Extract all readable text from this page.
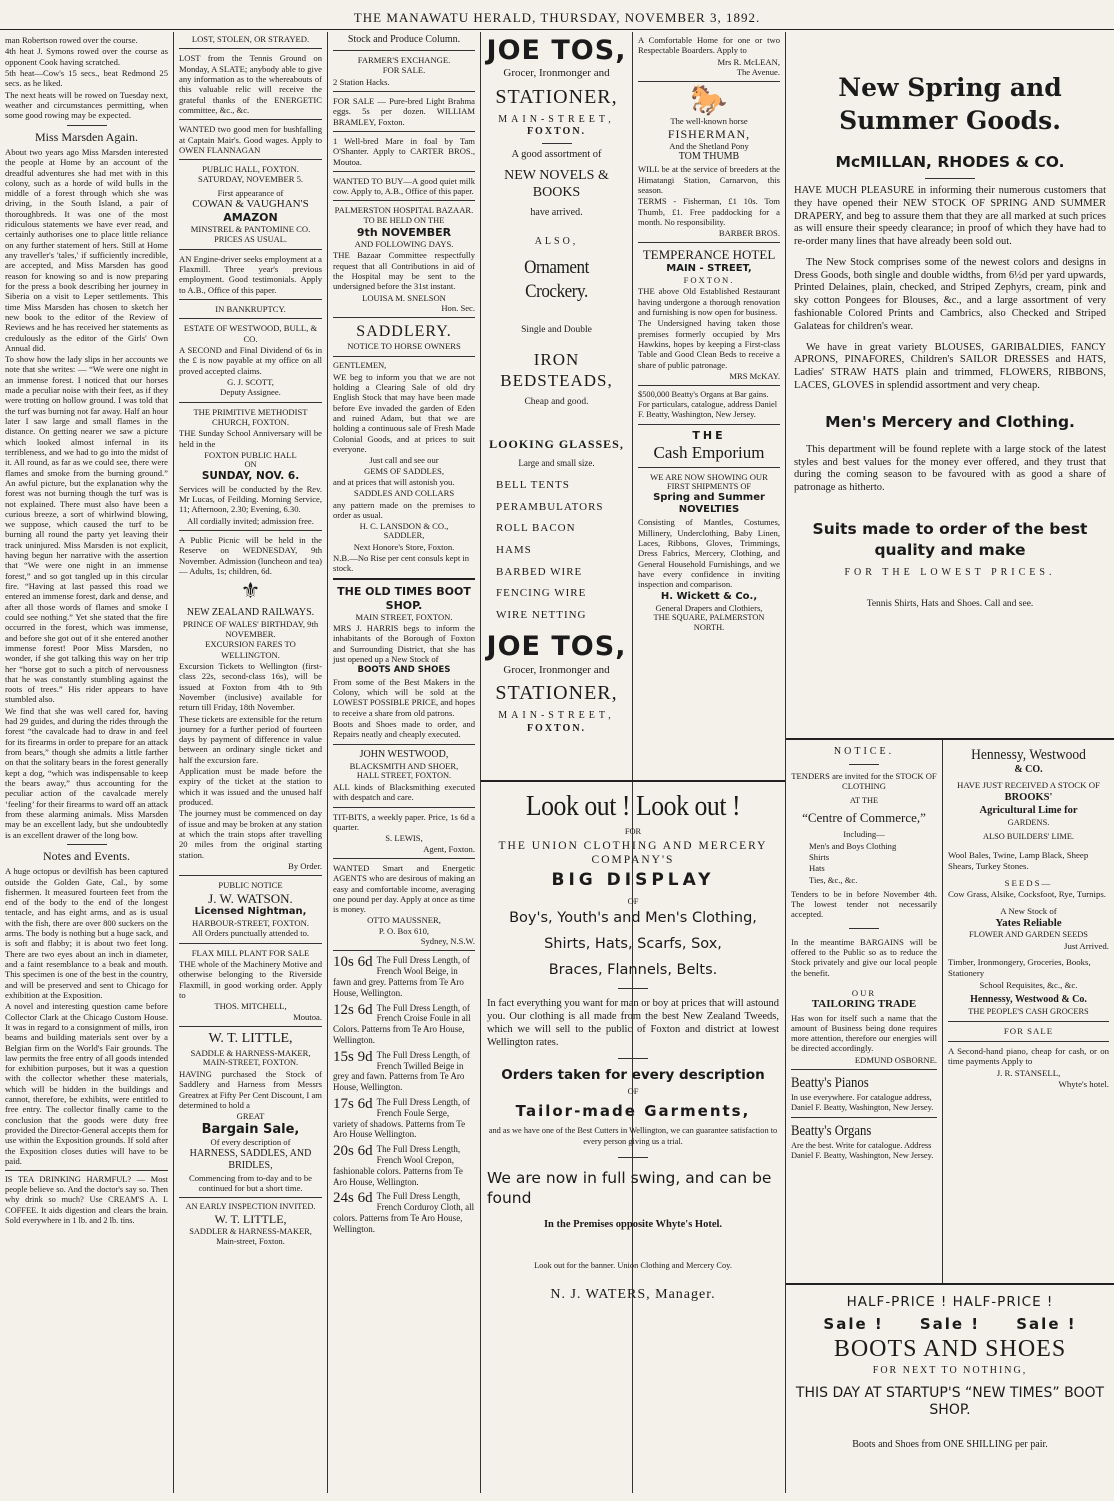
THE MANAWATU HERALD, THURSDAY, NOVEMBER 3, 1892.

man Robertson rowed over the course.

4th heat J. Symons rowed over the course as opponent Cook having scratched.

5th heat—Cow's 15 secs., beat Redmond 25 secs. as he liked.

The next heats will be rowed on Tuesday next, weather and circumstances permitting, when some good rowing may be expected.

Miss Marsden Again.

About two years ago Miss Marsden interested the people at Home by an account of the dreadful adventures she had met with in this colony, such as a horde of wild bulls in the middle of a forest through which she was driving, in the South Island, a pair of thoroughbreds. It was one of the most ridiculous statements we have ever read, and certainly authorises one to place little reliance on any further statement of hers. Still at Home any traveller's 'tales,' if sufficiently incredible, are accepted, and Miss Marsden has good reason for knowing so and is now preparing for the press a book describing her journey in Siberia on a visit to Leper settlements. This time Miss Marsden has chosen to sketch her new book to the editor of the Review of Reviews and he has received her statements as credulously as the editor of the Girls' Own Annual did.

To show how the lady slips in her accounts we note that she writes: — “We were one night in an immense forest. I noticed that our horses made a peculiar noise with their feet, as if they were trotting on hollow ground. I was told that the turf was burning not far away. Half an hour later I saw large and small flames in the distance. On getting nearer we saw a picture which looked almost infernal in its terribleness, and we had to go into the midst of it. All round, as far as we could see, there were flames and smoke from the burning ground.” An awful picture, but the explanation why the forest was not burning though the turf was is not explained. There must also have been a curious breeze, a sort of whirlwind blowing, we suppose, which caused the turf to be burning all round the party yet leaving their track uninjured. Miss Marsden is not explicit, having begun her narrative with the assertion that “We were one night in an immense forest,” and so got tangled up in this circular fire. “Having at last passed this road we entered an immense forest, dark and dense, and after all those words of flames and smoke I could see nothing.” Yet she stated that the fire occurred in the forest, which was immense, and before she got out of it she entered another immense forest! Poor Miss Marsden, no wonder, if she got talking this way on her trip her “horse got to such a pitch of nervousness that he was constantly stumbling against the roots of trees.” His rider appears to have stumbled also.

We find that she was well cared for, having had 29 guides, and during the rides through the forest “the cavalcade had to draw in and feel for its firearms in order to prepare for an attack from bears,” though she admits a little farther on that the solitary bears in the forest generally kept a dog, “which was indispensable to keep the bears away,” thus accounting for the peculiar action of the cavalcade merely ‘feeling’ for their firearms to ward off an attack from these alarming animals. Miss Marsden may be an excellent lady, but she undoubtedly is an excellent drawer of the long bow.

Notes and Events.

A huge octopus or devilfish has been captured outside the Golden Gate, Cal., by some fishermen. It measured fourteen feet from the end of the body to the end of the longest tentacle, and has eight arms, and as is usual with the fish, there are over 800 suckers on the arms. The body is nothing but a huge sack, and is soft and flabby; it is about two feet long. There are two eyes about an inch in diameter, and a faint resemblance to a beak and mouth. This specimen is one of the best in the country, and will be preserved and sent to Chicago for exhibition at the Exposition.

A novel and interesting question came before Collector Clark at the Chicago Custom House. It was in regard to a consignment of mills, iron beams and building materials sent over by a Belgian firm on the World's Fair grounds. The law permits the free entry of all goods intended for exhibition purposes, but it was a question with the collector whether these materials, which will be hidden in the buildings and cannot, therefore, be exhibits, were entitled to free entry. The collector finally came to the conclusion that the goods were duty free provided the Director-General accepts them for use within the Exposition grounds. If sold after the Exposition closes duties will have to be paid.

IS TEA DRINKING HARMFUL? — Most people believe so. And the doctor's say so. Then why drink so much? Use CREAM'S A. I. COFFEE. It aids digestion and clears the brain. Sold everywhere in 1 lb. and 2 lb. tins.

LOST, STOLEN, OR STRAYED.

LOST from the Tennis Ground on Monday, A SLATE; anybody able to give any information as to the whereabouts of this valuable relic will receive the grateful thanks of the ENERGETIC committee, &c., &c.

WANTED two good men for bushfalling at Captain Mair's. Good wages. Apply to OWEN FLANNAGAN

PUBLIC HALL, FOXTON.
SATURDAY, NOVEMBER 5.
First appearance of
COWAN & VAUGHAN'S
AMAZON
MINSTREL & PANTOMINE CO.
PRICES AS USUAL.

AN Engine-driver seeks employment at a Flaxmill. Three year's previous employment. Good testimonials. Apply to A.B., Office of this paper.

IN BANKRUPTCY.
ESTATE OF WESTWOOD, BULL, & CO.

A SECOND and Final Dividend of 6s in the £ is now payable at my office on all proved accepted claims.

G. J. SCOTT,
Deputy Assignee.
THE PRIMITIVE METHODIST CHURCH, FOXTON.

THE Sunday School Anniversary will be held in the

FOXTON PUBLIC HALL
ON
SUNDAY, NOV. 6.

Services will be conducted by the Rev. Mr Lucas, of Feilding. Morning Service, 11; Afternoon, 2.30; Evening, 6.30.

All cordially invited; admission free.

A Public Picnic will be held in the Reserve on WEDNESDAY, 9th November. Admission (luncheon and tea) — Adults, 1s; children, 6d.

⚜
NEW ZEALAND RAILWAYS.
PRINCE OF WALES' BIRTHDAY, 9th NOVEMBER.
EXCURSION FARES TO WELLINGTON.

Excursion Tickets to Wellington (first-class 22s, second-class 16s), will be issued at Foxton from 4th to 9th November (inclusive) available for return till Friday, 18th November.

These tickets are extensible for the return journey for a further period of fourteen days by payment of difference in value between an ordinary single ticket and half the excursion fare.

Application must be made before the expiry of the ticket at the station to which it was issued and the unused half produced.

The journey must be commenced on day of issue and may be broken at any station at which the train stops after travelling 20 miles from the original starting station.

By Order.
PUBLIC NOTICE
J. W. WATSON.
Licensed Nightman,
HARBOUR-STREET, FOXTON.
All Orders punctually attended to.
FLAX MILL PLANT FOR SALE

THE whole of the Machinery Motive and otherwise belonging to the Riverside Flaxmill, in good working order. Apply to

THOS. MITCHELL,
Moutoa.
W. T. LITTLE,
SADDLE & HARNESS-MAKER,
MAIN-STREET, FOXTON.

HAVING purchased the Stock of Saddlery and Harness from Messrs Greatrex at Fifty Per Cent Discount, I am determined to hold a

GREAT
Bargain Sale,
Of every description of
HARNESS, SADDLES, AND BRIDLES,

Commencing from to-day and to be continued for but a short time.

AN EARLY INSPECTION INVITED.
W. T. LITTLE,
SADDLER & HARNESS-MAKER,
Main-street, Foxton.
Stock and Produce Column.
FARMER'S EXCHANGE.
FOR SALE.

2 Station Hacks.

FOR SALE — Pure-bred Light Brahma eggs. 5s per dozen. WILLIAM BRAMLEY, Foxton.

1 Well-bred Mare in foal by Tam O'Shanter. Apply to CARTER BROS., Moutoa.

WANTED TO BUY—A good quiet milk cow. Apply to, A.B., Office of this paper.

PALMERSTON HOSPITAL BAZAAR.
TO BE HELD ON THE
9th NOVEMBER
AND FOLLOWING DAYS.

THE Bazaar Committee respectfully request that all Contributions in aid of the Hospital may be sent to the undersigned before the 31st instant.

LOUISA M. SNELSON
Hon. Sec.
SADDLERY.
NOTICE TO HORSE OWNERS

GENTLEMEN,

WE beg to inform you that we are not holding a Clearing Sale of old dry English Stock that may have been made before Eve invaded the garden of Eden and ruined Adam, but that we are holding a continuous sale of Fresh Made Colonial Goods, and at prices to suit everyone.

Just call and see our
GEMS OF SADDLES,

and at prices that will astonish you.

SADDLES AND COLLARS

any pattern made on the premises to order as usual.

H. C. LANSDON & CO.,
SADDLER,
Next Honore's Store, Foxton.

N.B.—No Rise per cent consuls kept in stock.

THE OLD TIMES BOOT SHOP.
MAIN STREET, FOXTON.

MRS J. HARRIS begs to inform the inhabitants of the Borough of Foxton and Surrounding District, that she has just opened up a New Stock of

BOOTS AND SHOES

From some of the Best Makers in the Colony, which will be sold at the LOWEST POSSIBLE PRICE, and hopes to receive a share from old patrons.

Boots and Shoes made to order, and Repairs neatly and cheaply executed.

JOHN WESTWOOD,
BLACKSMITH AND SHOER,
HALL STREET, FOXTON.

ALL kinds of Blacksmithing executed with despatch and care.

TIT-BITS, a weekly paper. Price, 1s 6d a quarter.

S. LEWIS,
Agent, Foxton.

WANTED Smart and Energetic AGENTS who are desirous of making an easy and comfortable income, averaging one pound per day. Apply at once as time is money.

OTTO MAUSSNER,
P. O. Box 610,
Sydney, N.S.W.
10s 6d The Full Dress Length, of French Wool Beige, in fawn and grey. Patterns from Te Aro House, Wellington.
12s 6d The Full Dress Length, of French Croise Foule in all Colors. Patterns from Te Aro House, Wellington.
15s 9d The Full Dress Length, of French Twilled Beige in grey and fawn. Patterns from Te Aro House, Wellington.
17s 6d The Full Dress Length, of French Foule Serge, variety of shadows. Patterns from Te Aro House Wellington.
20s 6d The Full Dress Length, French Wool Crepon, fashionable colors. Patterns from Te Aro House, Wellington.
24s 6d The Full Dress Length, French Corduroy Cloth, all colors. Patterns from Te Aro House, Wellington.
JOE TOS,
Grocer, Ironmonger and
STATIONER,
MAIN-STREET,
FOXTON.
A good assortment of
NEW NOVELS & BOOKS
have arrived.
ALSO,
Ornament Crockery.
Single and Double
IRON BEDSTEADS,
Cheap and good.
LOOKING GLASSES,
Large and small size.

BELL TENTS

PERAMBULATORS

ROLL BACON

HAMS

BARBED WIRE

FENCING WIRE

WIRE NETTING

JOE TOS,
Grocer, Ironmonger and
STATIONER,
MAIN-STREET,
FOXTON.

A Comfortable Home for one or two Respectable Boarders. Apply to

Mrs R. McLEAN,
The Avenue.
🐎
The well-known horse
FISHERMAN,
And the Shetland Pony
TOM THUMB

WILL be at the service of breeders at the Himatangi Station, Carnarvon, this season.

TERMS - Fisherman, £1 10s. Tom Thumb, £1. Free paddocking for a month. No responsibility.

BARBER BROS.
TEMPERANCE HOTEL
MAIN - STREET,
FOXTON.

THE above Old Established Restaurant having undergone a thorough renovation and furnishing is now open for business.

The Undersigned having taken those premises formerly occupied by Mrs Hawkins, hopes by keeping a First-class Table and Good Clean Beds to receive a share of public patronage.

MRS McKAY.

$500,000 Beatty's Organs at Bar gains. For particulars, catalogue, address Daniel F. Beatty, Washington, New Jersey.

THE
Cash Emporium
WE ARE NOW SHOWING OUR
FIRST SHIPMENTS OF
Spring and Summer
NOVELTIES

Consisting of Mantles, Costumes, Millinery, Underclothing, Baby Linen, Laces, Ribbons, Gloves, Trimmings, Dress Fabrics, Mercery, Clothing, and General Household Furnishings, and we have every confidence in inviting inspection and comparison.

H. Wickett & Co.,
General Drapers and Clothiers,
THE SQUARE, PALMERSTON NORTH.
Look out ! Look out !
FOR
THE UNION CLOTHING AND MERCERY COMPANY'S
BIG DISPLAY
OF
Boy's, Youth's and Men's Clothing,
Shirts, Hats, Scarfs, Sox,
Braces, Flannels, Belts.

In fact everything you want for man or boy at prices that will astound you. Our clothing is all made from the best New Zealand Tweeds, which we will sell to the public of Foxton and district at lowest Wellington rates.

Orders taken for every description
OF
Tailor-made Garments,

and as we have one of the Best Cutters in Wellington, we can guarantee satisfaction to every person giving us a trial.

We are now in full swing, and can be found
In the Premises opposite Whyte's Hotel.
Look out for the banner. Union Clothing and Mercery Coy.
N. J. WATERS, Manager.
New Spring and Summer Goods.
McMILLAN, RHODES & CO.

HAVE MUCH PLEASURE in informing their numerous customers that they have opened their NEW STOCK OF SPRING AND SUMMER DRAPERY, and beg to assure them that they are all marked at such prices as will ensure their speedy clearance; in proof of which they have had to re-order many lines that have already been sold out.

The New Stock comprises some of the newest colors and designs in Dress Goods, both single and double widths, from 6½d per yard upwards, Printed Delaines, plain, checked, and Striped Zephyrs, cream, pink and sky cotton Pongees for Blouses, &c., and a large assortment of very fashionable Colored Prints and Cambrics, also Checked and Striped Galateas for children's wear.

We have in great variety BLOUSES, GARIBALDIES, FANCY APRONS, PINAFORES, Children's SAILOR DRESSES and HATS, Ladies' STRAW HATS plain and trimmed, FLOWERS, RIBBONS, LACES, GLOVES in splendid assortment and very cheap.

Men's Mercery and Clothing.

This department will be found replete with a large stock of the latest styles and best values for the money ever offered, and they trust that during the coming season to be favoured with as good a share of patronage as hitherto.

Suits made to order of the best quality and make
FOR THE LOWEST PRICES.
Tennis Shirts, Hats and Shoes. Call and see.
NOTICE.

TENDERS are invited for the STOCK OF CLOTHING

AT THE
“Centre of Commerce,”
Including—

Men's and Boys Clothing

Shirts

Hats

Ties, &c., &c.

Tenders to be in before November 4th. The lowest tender not necessarily accepted.

In the meantime BARGAINS will be offered to the Public so as to reduce the Stock privately and give our local people the benefit.

OUR
TAILORING TRADE

Has won for itself such a name that the amount of Business being done requires more attention, therefore our energies will be directed accordingly.

EDMUND OSBORNE.
Beatty's Pianos

In use everywhere. For catalogue address, Daniel F. Beatty, Washington, New Jersey.

Beatty's Organs

Are the best. Write for catalogue. Address Daniel F. Beatty, Washington, New Jersey.

Hennessy, Westwood
& CO.

HAVE JUST RECEIVED A STOCK OF

BROOKS'
Agricultural Lime for
GARDENS.
ALSO BUILDERS' LIME.

Wool Bales, Twine, Lamp Black, Sheep Shears, Turkey Stones.

SEEDS—

Cow Grass, Alsike, Cocksfoot, Rye, Turnips.

A New Stock of
Yates Reliable
FLOWER AND GARDEN SEEDS
Just Arrived.

Timber, Ironmongery, Groceries, Books, Stationery

School Requisites, &c., &c.
Hennessy, Westwood & Co.
THE PEOPLE'S CASH GROCERS
FOR SALE

A Second-hand piano, cheap for cash, or on time payments Apply to

J. R. STANSELL,
Whyte's hotel.
HALF-PRICE ! HALF-PRICE !
Sale !     Sale !     Sale !
BOOTS AND SHOES
FOR NEXT TO NOTHING,
THIS DAY AT STARTUP'S “NEW TIMES” BOOT SHOP.
Boots and Shoes from ONE SHILLING per pair.
